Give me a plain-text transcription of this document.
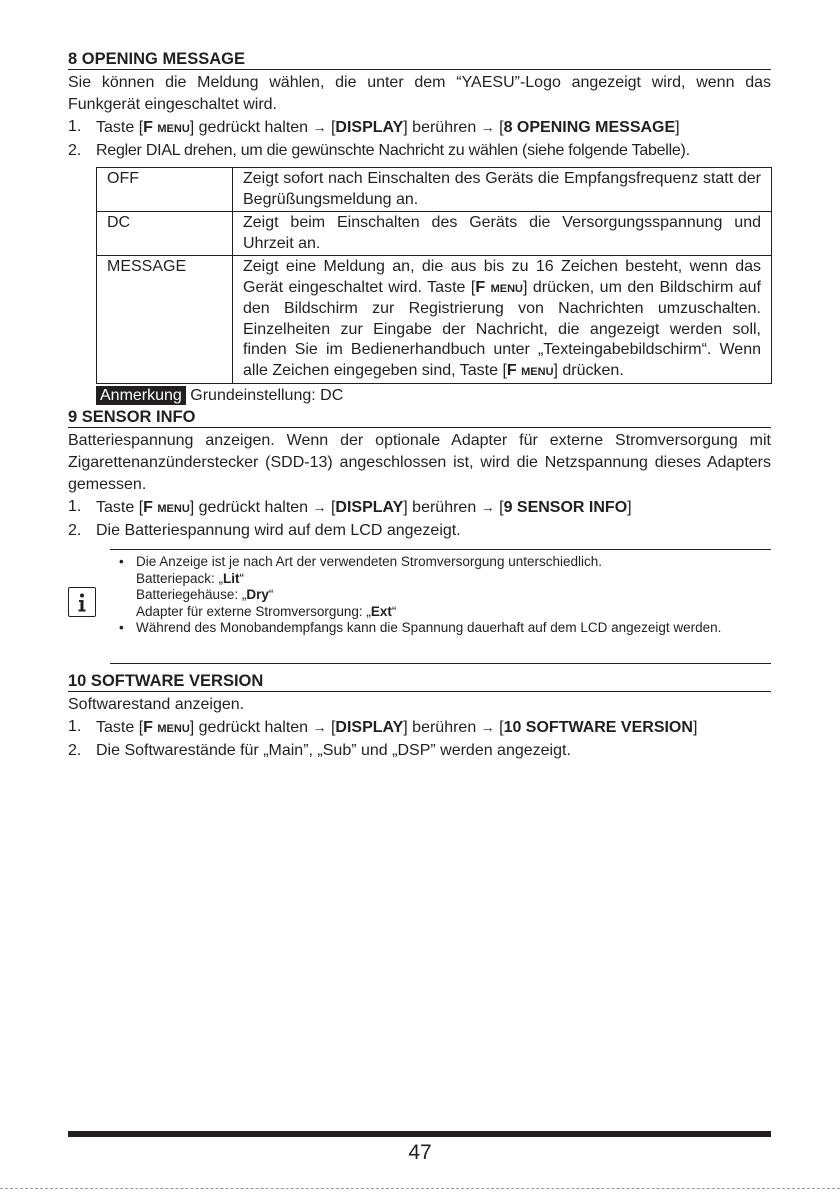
8 OPENING MESSAGE

Sie können die Meldung wählen, die unter dem “YAESU”-Logo angezeigt wird, wenn das Funkgerät eingeschaltet wird.

1. Taste [F MENU] gedrückt halten → [DISPLAY] berühren → [8 OPENING MESSAGE]
2. Regler DIAL drehen, um die gewünschte Nachricht zu wählen (siehe folgende Tabelle).
OFF	Zeigt sofort nach Einschalten des Geräts die Empfangsfrequenz statt der Begrüßungsmeldung an.
DC	Zeigt beim Einschalten des Geräts die Versorgungsspannung und Uhrzeit an.
MESSAGE	Zeigt eine Meldung an, die aus bis zu 16 Zeichen besteht, wenn das Gerät eingeschaltet wird. Taste [F MENU] drücken, um den Bildschirm auf den Bildschirm zur Registrierung von Nachrichten umzuschalten. Einzelheiten zur Eingabe der Nachricht, die angezeigt werden soll, finden Sie im Bedienerhandbuch unter „Texteingabebildschirm“. Wenn alle Zeichen eingegeben sind, Taste [F MENU] drücken.
Anmerkung Grundeinstellung: DC
9 SENSOR INFO

Batteriespannung anzeigen. Wenn der optionale Adapter für externe Stromversorgung mit Zigarettenanzünderstecker (SDD-13) angeschlossen ist, wird die Netzspannung dieses Adapters gemessen.

1. Taste [F MENU] gedrückt halten → [DISPLAY] berühren → [9 SENSOR INFO]
2. Die Batteriespannung wird auf dem LCD angezeigt.
• Die Anzeige ist je nach Art der verwendeten Stromversorgung unterschiedlich.
Batteriepack: „Lit“
Batteriegehäuse: „Dry“
Adapter für externe Stromversorgung: „Ext“
• Während des Monobandempfangs kann die Spannung dauerhaft auf dem LCD angezeigt werden.
10 SOFTWARE VERSION

Softwarestand anzeigen.

1. Taste [F MENU] gedrückt halten → [DISPLAY] berühren → [10 SOFTWARE VERSION]
2. Die Softwarestände für „Main”, „Sub” und „DSP” werden angezeigt.
47
